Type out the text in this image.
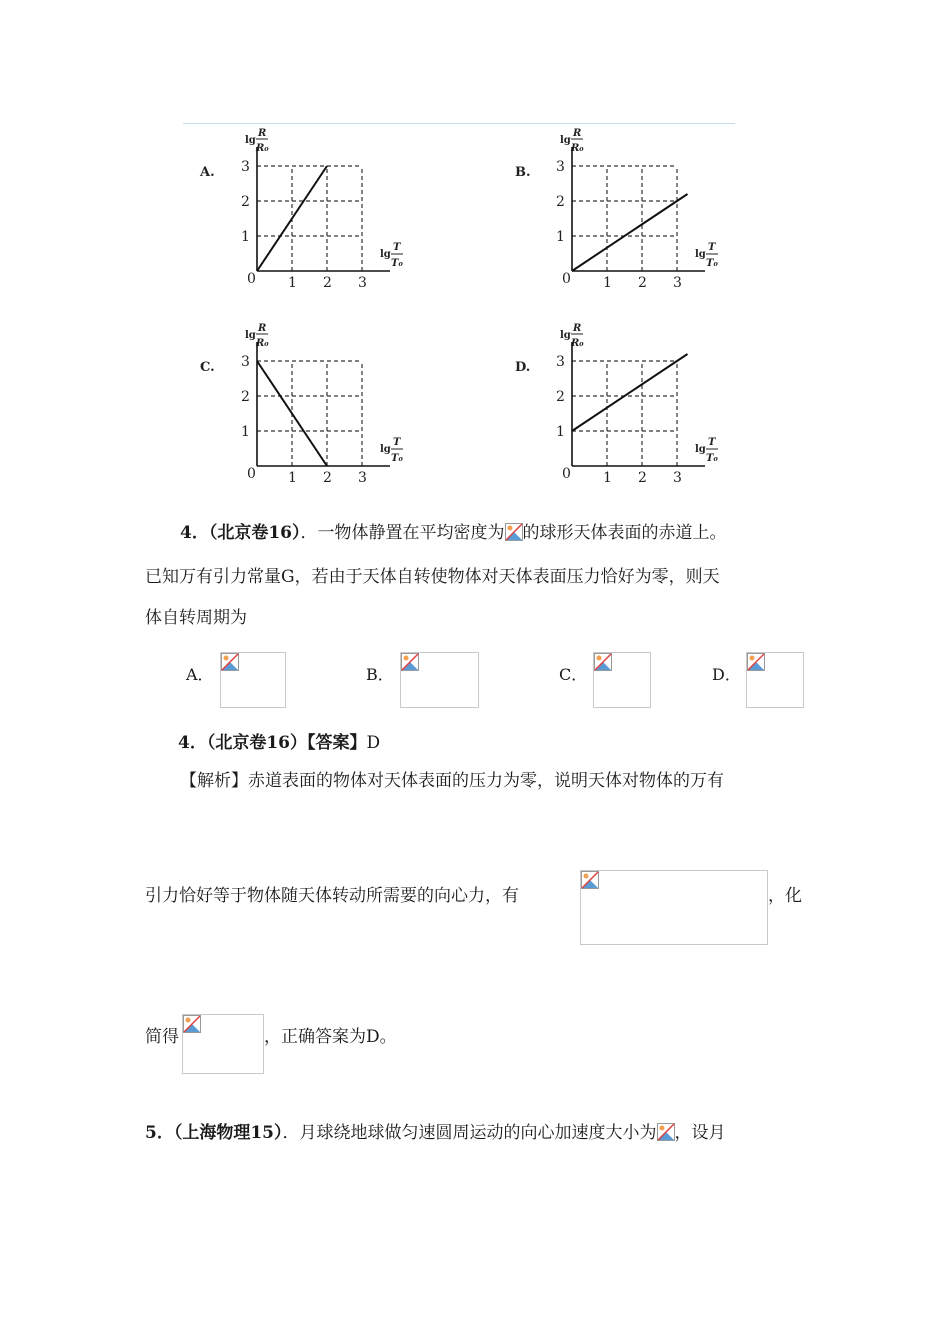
A.
lg
R
R₀
1
1
2
2
3
3
0
lg
T
T₀
B.
lg
R
R₀
1
1
2
2
3
3
0
lg
T
T₀
C.
lg
R
R₀
1
1
2
2
3
3
0
lg
T
T₀
D.
lg
R
R₀
1
1
2
2
3
3
0
lg
T
T₀
4．（北京卷16）．一物体静置在平均密度为 的球形天体表面的赤道上。
已知万有引力常量G，若由于天体自转使物体对天体表面压力恰好为零，则天
体自转周期为
A．	B．	C．	D．
4．（北京卷16）【答案】D
【解析】赤道表面的物体对天体表面的压力为零，说明天体对物体的万有
引力恰好等于物体随天体转动所需要的向心力，有	，化
简得	，正确答案为D。
5．（上海物理15）．月球绕地球做匀速圆周运动的向心加速度大小为 ，设月
